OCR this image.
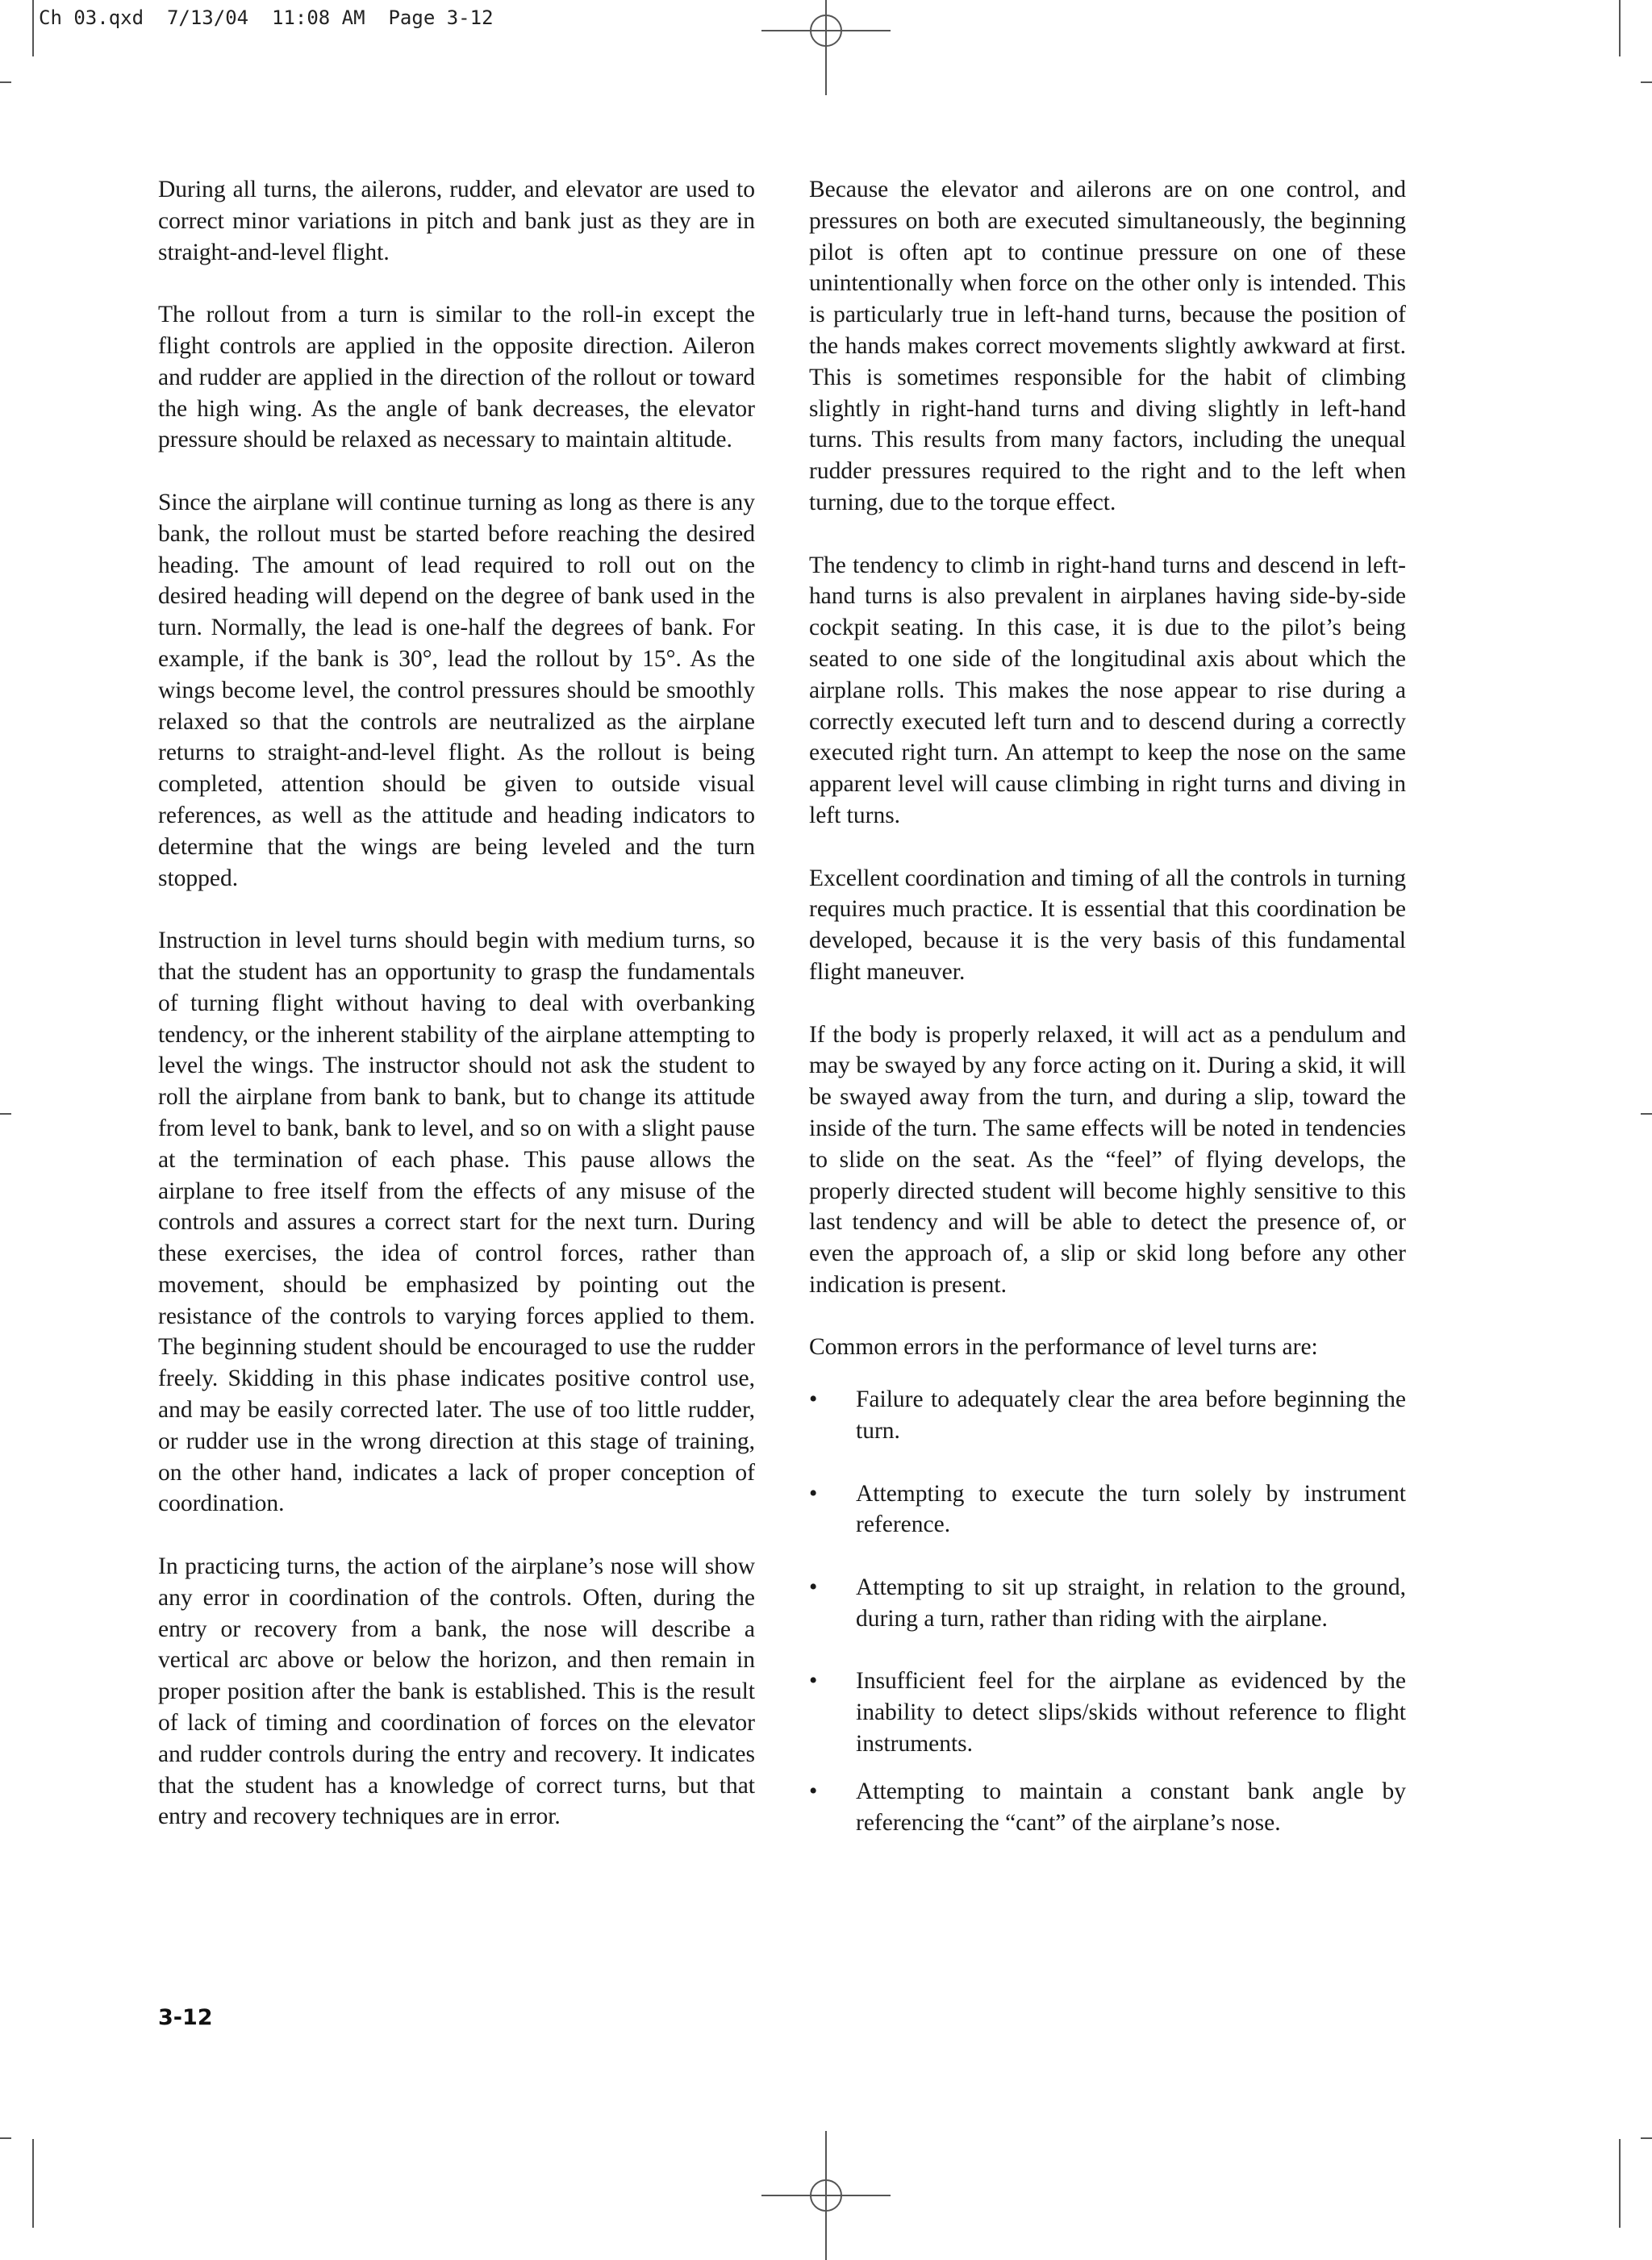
Ch 03.qxd  7/13/04  11:08 AM  Page 3-12

During all turns, the ailerons, rudder, and elevator are used to correct minor variations in pitch and bank just as they are in straight-and-level flight.

The rollout from a turn is similar to the roll-in except the flight controls are applied in the opposite direction. Aileron and rudder are applied in the direction of the rollout or toward the high wing. As the angle of bank decreases, the elevator pressure should be relaxed as necessary to maintain altitude.

Since the airplane will continue turning as long as there is any bank, the rollout must be started before reaching the desired heading. The amount of lead required to roll out on the desired heading will depend on the degree of bank used in the turn. Normally, the lead is one-half the degrees of bank. For example, if the bank is 30°, lead the rollout by 15°. As the wings become level, the control pressures should be smoothly relaxed so that the controls are neutralized as the airplane returns to straight-and-level flight. As the rollout is being completed, attention should be given to outside visual references, as well as the attitude and heading indicators to determine that the wings are being leveled and the turn stopped.

Instruction in level turns should begin with medium turns, so that the student has an opportunity to grasp the fundamentals of turning flight without having to deal with overbanking tendency, or the inherent stability of the airplane attempting to level the wings. The instructor should not ask the student to roll the airplane from bank to bank, but to change its attitude from level to bank, bank to level, and so on with a slight pause at the termination of each phase. This pause allows the airplane to free itself from the effects of any misuse of the controls and assures a correct start for the next turn. During these exercises, the idea of control forces, rather than movement, should be emphasized by pointing out the resistance of the controls to varying forces applied to them. The beginning student should be encouraged to use the rudder freely. Skidding in this phase indicates positive control use, and may be easily corrected later. The use of too little rudder, or rudder use in the wrong direction at this stage of training, on the other hand, indicates a lack of proper conception of coordination.

In practicing turns, the action of the airplane’s nose will show any error in coordination of the controls. Often, during the entry or recovery from a bank, the nose will describe a vertical arc above or below the horizon, and then remain in proper position after the bank is established. This is the result of lack of timing and coordination of forces on the elevator and rudder controls during the entry and recovery. It indicates that the student has a knowledge of correct turns, but that entry and recovery techniques are in error.

Because the elevator and ailerons are on one control, and pressures on both are executed simultaneously, the beginning pilot is often apt to continue pressure on one of these unintentionally when force on the other only is intended. This is particularly true in left-hand turns, because the position of the hands makes correct movements slightly awkward at first. This is sometimes responsible for the habit of climbing slightly in right-hand turns and diving slightly in left-hand turns. This results from many factors, including the unequal rudder pressures required to the right and to the left when turning, due to the torque effect.

The tendency to climb in right-hand turns and descend in left-hand turns is also prevalent in airplanes having side-by-side cockpit seating. In this case, it is due to the pilot’s being seated to one side of the longitudinal axis about which the airplane rolls. This makes the nose appear to rise during a correctly executed left turn and to descend during a correctly executed right turn. An attempt to keep the nose on the same apparent level will cause climbing in right turns and diving in left turns.

Excellent coordination and timing of all the controls in turning requires much practice. It is essential that this coordination be developed, because it is the very basis of this fundamental flight maneuver.

If the body is properly relaxed, it will act as a pendulum and may be swayed by any force acting on it. During a skid, it will be swayed away from the turn, and during a slip, toward the inside of the turn. The same effects will be noted in tendencies to slide on the seat. As the “feel” of flying develops, the properly directed student will become highly sensitive to this last tendency and will be able to detect the presence of, or even the approach of, a slip or skid long before any other indication is present.

Common errors in the performance of level turns are:

• Failure to adequately clear the area before beginning the turn.
• Attempting to execute the turn solely by instrument reference.
• Attempting to sit up straight, in relation to the ground, during a turn, rather than riding with the airplane.
• Insufficient feel for the airplane as evidenced by the inability to detect slips/skids without reference to flight instruments.
• Attempting to maintain a constant bank angle by referencing the “cant” of the airplane’s nose.
3-12
